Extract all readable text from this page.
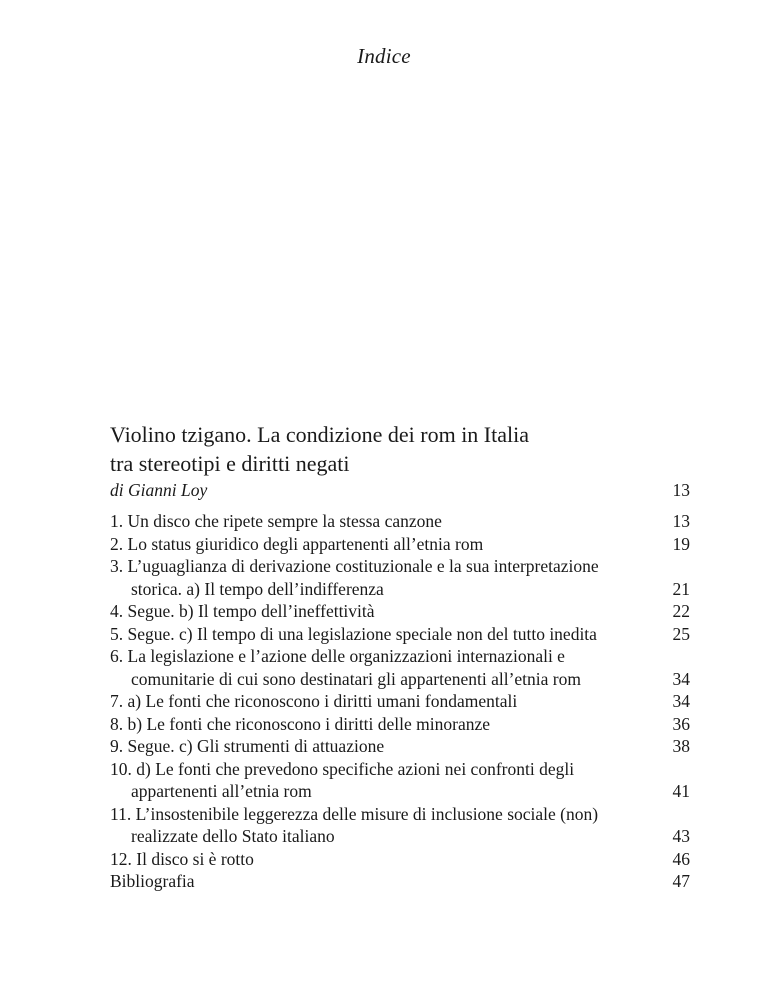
Indice
Violino tzigano. La condizione dei rom in Italia
tra stereotipi e diritti negati
di Gianni Loy	13
1. Un disco che ripete sempre la stessa canzone	13
2. Lo status giuridico degli appartenenti all’etnia rom	19
3. L’uguaglianza di derivazione costituzionale e la sua interpretazione storica. a) Il tempo dell’indifferenza	21
4. Segue. b) Il tempo dell’ineffettività	22
5. Segue. c) Il tempo di una legislazione speciale non del tutto inedita	25
6. La legislazione e l’azione delle organizzazioni internazionali e comunitarie di cui sono destinatari gli appartenenti all’etnia rom	34
7. a) Le fonti che riconoscono i diritti umani fondamentali	34
8. b) Le fonti che riconoscono i diritti delle minoranze	36
9. Segue. c) Gli strumenti di attuazione	38
10. d) Le fonti che prevedono specifiche azioni nei confronti degli appartenenti all’etnia rom	41
11. L’insostenibile leggerezza delle misure di inclusione sociale (non) realizzate dello Stato italiano	43
12. Il disco si è rotto	46
Bibliografia	47
